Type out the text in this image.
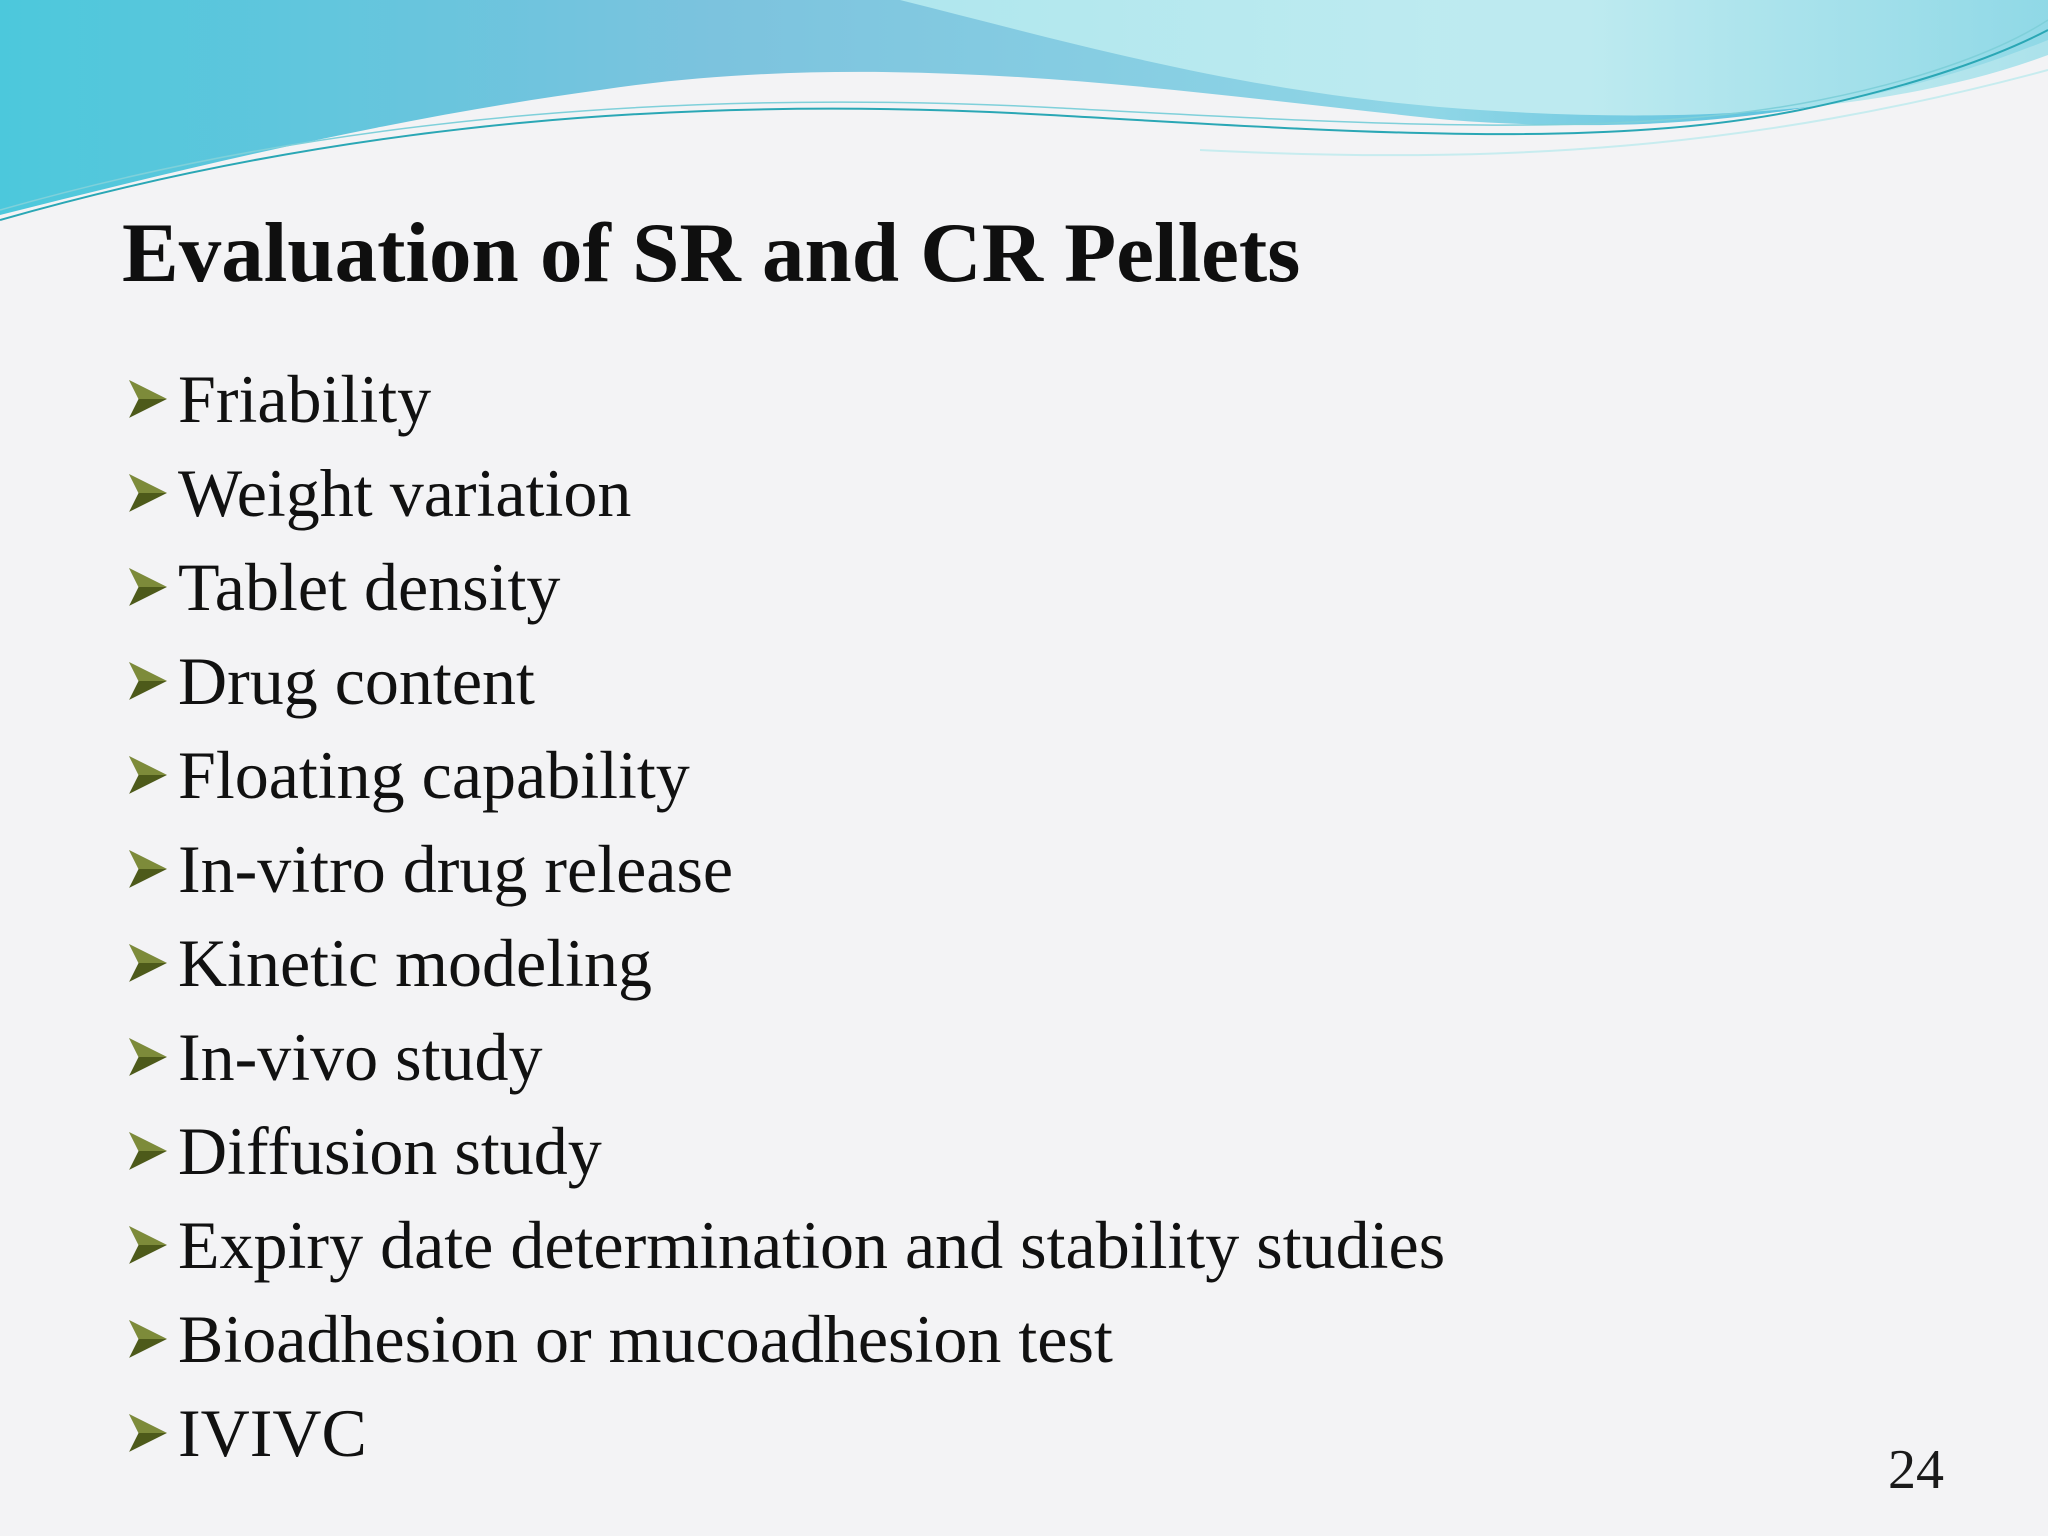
Evaluation of SR and CR Pellets
Friability
Weight variation
Tablet density
Drug content
Floating capability
In-vitro drug release
Kinetic modeling
In-vivo study
Diffusion study
Expiry date determination and stability studies
Bioadhesion or mucoadhesion test
IVIVC	24
